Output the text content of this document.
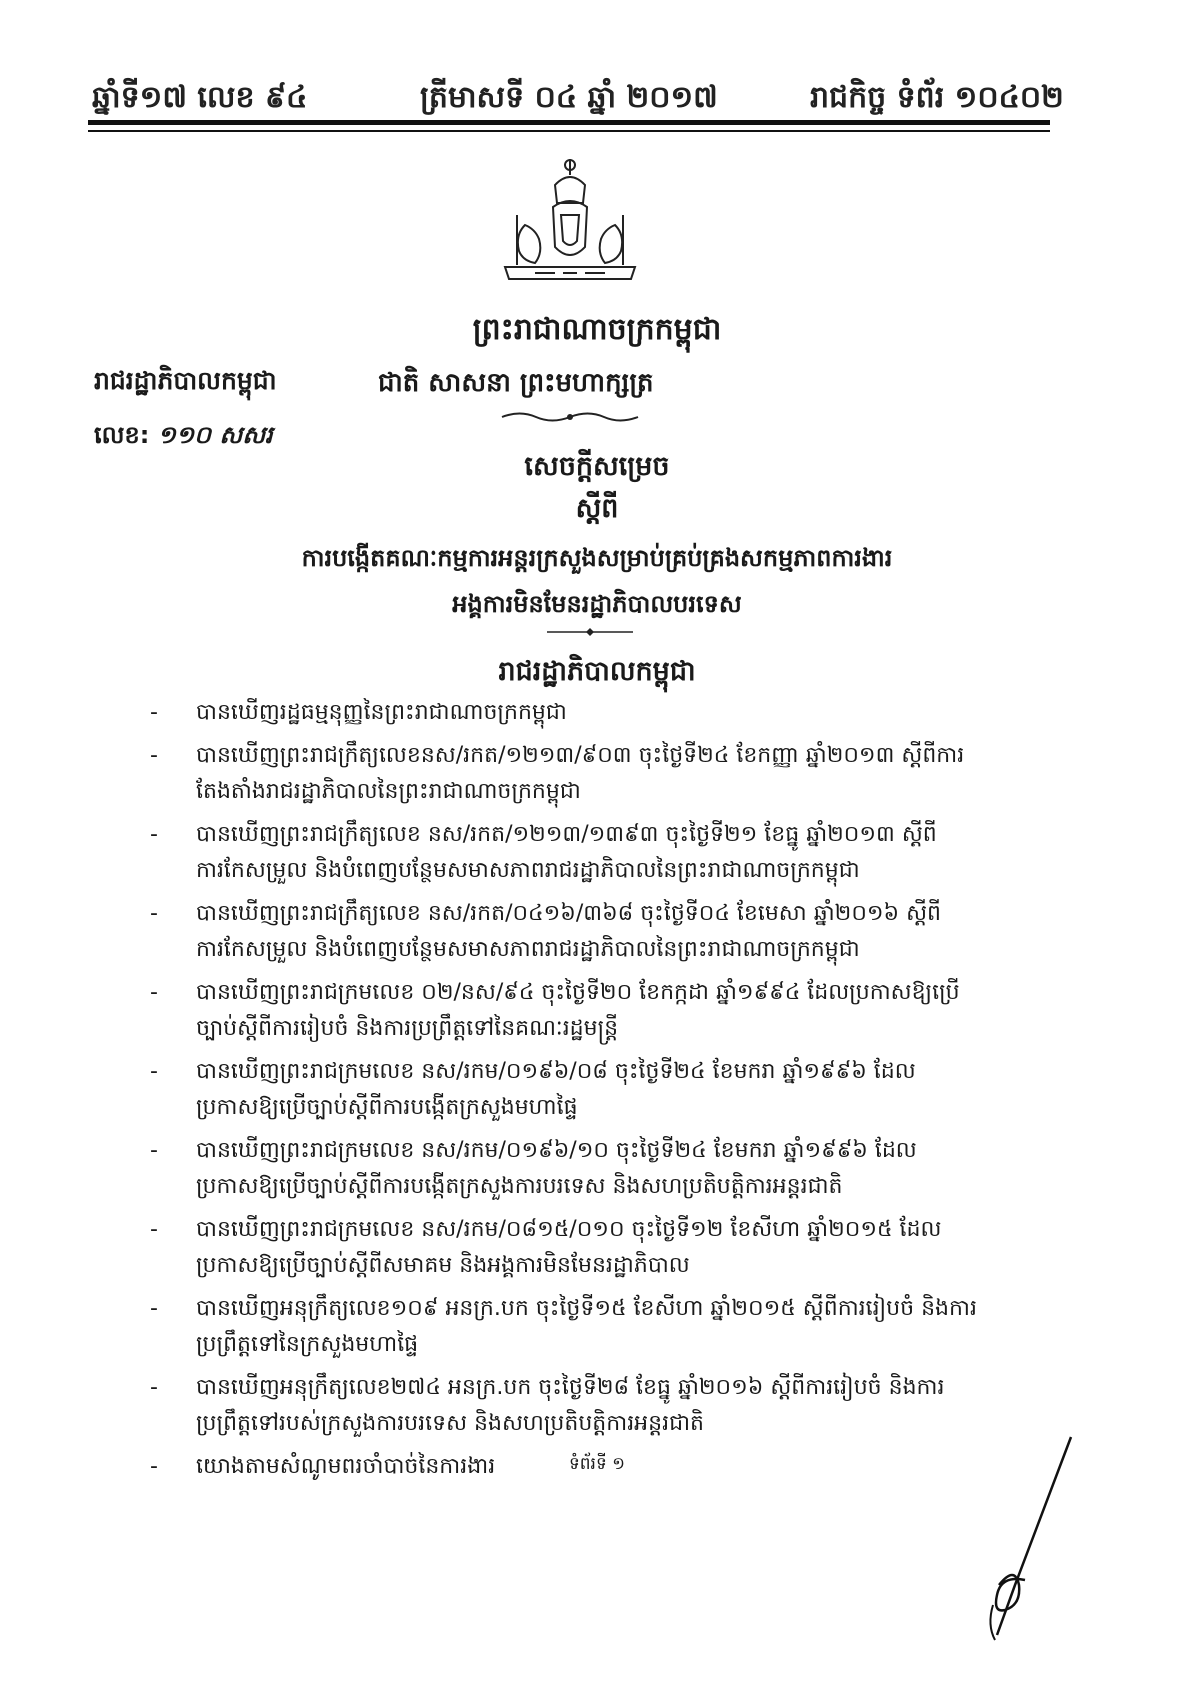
ឆ្នាំទី១៧ លេខ ៩៤	ត្រីមាសទី ០៤ ឆ្នាំ ២០១៧	រាជកិច្ច ទំព័រ ១០៤០២
ព្រះរាជាណាចក្រកម្ពុជា
រាជរដ្ឋាភិបាលកម្ពុជា	ជាតិ សាសនា ព្រះមហាក្សត្រ
លេខ: ១១០ សសរ
សេចក្តីសម្រេច
ស្តីពី
ការបង្កើតគណៈកម្មការអន្តរក្រសួងសម្រាប់គ្រប់គ្រងសកម្មភាពការងារ
អង្គការមិនមែនរដ្ឋាភិបាលបរទេស
រាជរដ្ឋាភិបាលកម្ពុជា
- បានឃើញរដ្ឋធម្មនុញ្ញនៃព្រះរាជាណាចក្រកម្ពុជា
- បានឃើញព្រះរាជក្រឹត្យលេខនស/រកត/១២១៣/៩០៣ ចុះថ្ងៃទី២៤ ខែកញ្ញា ឆ្នាំ២០១៣ ស្តីពីការតែងតាំងរាជរដ្ឋាភិបាលនៃព្រះរាជាណាចក្រកម្ពុជា
- បានឃើញព្រះរាជក្រឹត្យលេខ នស/រកត/១២១៣/១៣៩៣ ចុះថ្ងៃទី២១ ខែធ្នូ ឆ្នាំ២០១៣ ស្តីពីការកែសម្រួល និងបំពេញបន្ថែមសមាសភាពរាជរដ្ឋាភិបាលនៃព្រះរាជាណាចក្រកម្ពុជា
- បានឃើញព្រះរាជក្រឹត្យលេខ នស/រកត/០៤១៦/៣៦៨ ចុះថ្ងៃទី០៤ ខែមេសា ឆ្នាំ២០១៦ ស្តីពីការកែសម្រួល និងបំពេញបន្ថែមសមាសភាពរាជរដ្ឋាភិបាលនៃព្រះរាជាណាចក្រកម្ពុជា
- បានឃើញព្រះរាជក្រមលេខ ០២/នស/៩៤ ចុះថ្ងៃទី២០ ខែកក្កដា ឆ្នាំ១៩៩៤ ដែលប្រកាសឱ្យប្រើច្បាប់ស្តីពីការរៀបចំ និងការប្រព្រឹត្តទៅនៃគណៈរដ្ឋមន្ត្រី
- បានឃើញព្រះរាជក្រមលេខ នស/រកម/០១៩៦/០៨ ចុះថ្ងៃទី២៤ ខែមករា ឆ្នាំ១៩៩៦ ដែលប្រកាសឱ្យប្រើច្បាប់ស្តីពីការបង្កើតក្រសួងមហាផ្ទៃ
- បានឃើញព្រះរាជក្រមលេខ នស/រកម/០១៩៦/១០ ចុះថ្ងៃទី២៤ ខែមករា ឆ្នាំ១៩៩៦ ដែលប្រកាសឱ្យប្រើច្បាប់ស្តីពីការបង្កើតក្រសួងការបរទេស និងសហប្រតិបត្តិការអន្តរជាតិ
- បានឃើញព្រះរាជក្រមលេខ នស/រកម/០៨១៥/០១០ ចុះថ្ងៃទី១២ ខែសីហា ឆ្នាំ២០១៥ ដែលប្រកាសឱ្យប្រើច្បាប់ស្តីពីសមាគម និងអង្គការមិនមែនរដ្ឋាភិបាល
- បានឃើញអនុក្រឹត្យលេខ១០៩ អនក្រ.បក ចុះថ្ងៃទី១៥ ខែសីហា ឆ្នាំ២០១៥ ស្តីពីការរៀបចំ និងការប្រព្រឹត្តទៅនៃក្រសួងមហាផ្ទៃ
- បានឃើញអនុក្រឹត្យលេខ២៧៤ អនក្រ.បក ចុះថ្ងៃទី២៨ ខែធ្នូ ឆ្នាំ២០១៦ ស្តីពីការរៀបចំ និងការប្រព្រឹត្តទៅរបស់ក្រសួងការបរទេស និងសហប្រតិបត្តិការអន្តរជាតិ
- យោងតាមសំណូមពរចាំបាច់នៃការងារ	ទំព័រទី ១
